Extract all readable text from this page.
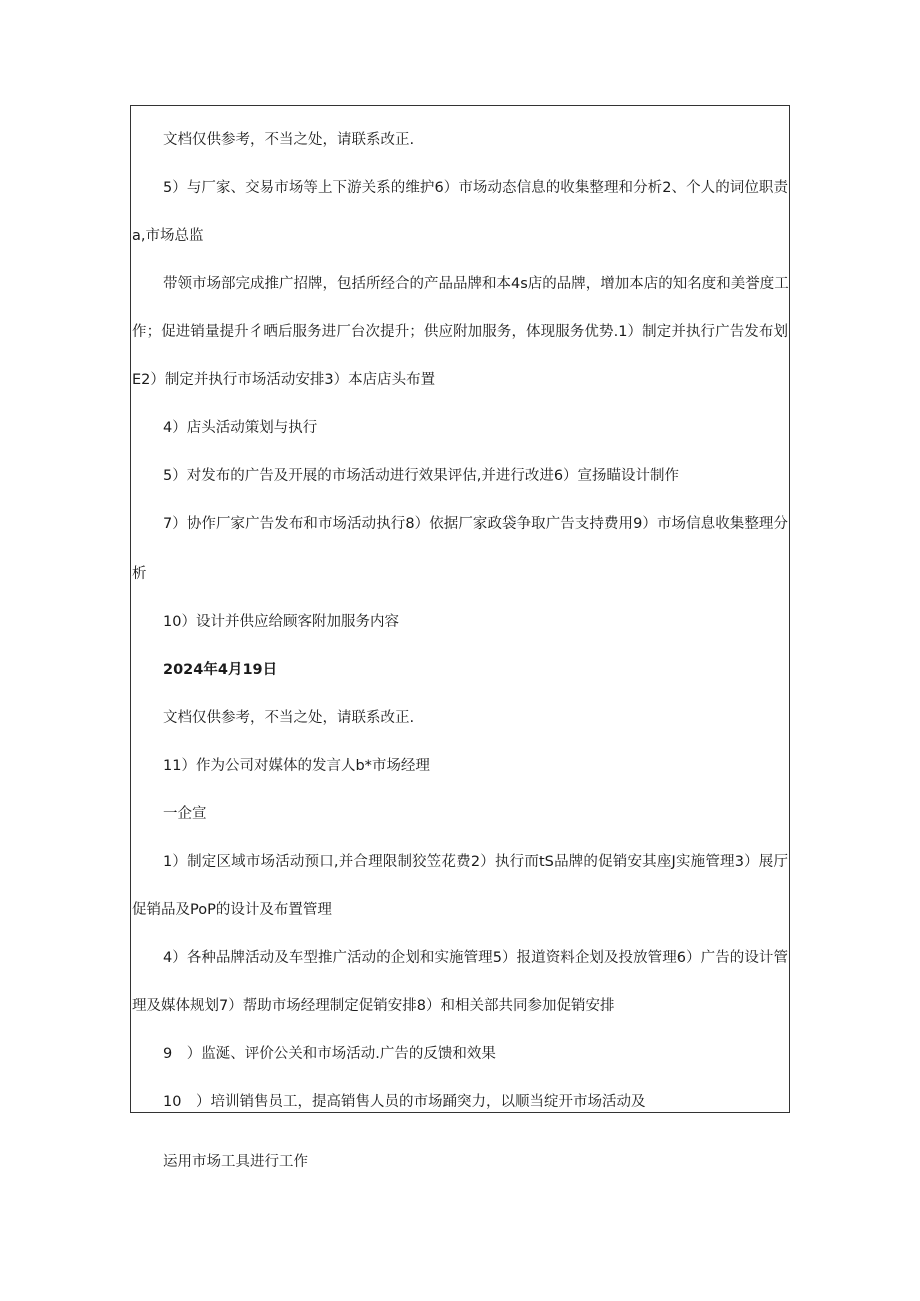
文档仅供参考，不当之处，请联系改正.
5）与厂家、交易市场等上下游关系的维护6）市场动态信息的收集整理和分析2、个人的词位职责
a,市场总监
带领市场部完成推广招牌，包括所经合的产品品牌和本4s店的品牌，增加本店的知名度和美誉度工
作；促进销量提升彳晒后服务进厂台次提升；供应附加服务，体现服务优势.1）制定并执行广告发布划
E2）制定并执行市场活动安排3）本店店头布置
4）店头活动策划与执行
5）对发布的广告及开展的市场活动进行效果评估,并进行改进6）宣扬瞄设计制作
7）协作厂家广告发布和市场活动执行8）依据厂家政袋争取广告支持费用9）市场信息收集整理分
析
10）设计并供应给顾客附加服务内容
2024年4月19日
文档仅供参考，不当之处，请联系改正.
11）作为公司对媒体的发言人b*市场经理
一企宣
1）制定区域市场活动预口,并合理限制狡笠花费2）执行而tS品牌的促销安其座J实施管理3）展厅
促销品及PoP的设计及布置管理
4）各种品牌活动及车型推广活动的企划和实施管理5）报道资料企划及投放管理6）广告的设计管
理及媒体规划7）帮助市场经理制定促销安排8）和相关部共同参加促销安排
9　）监涎、评价公关和市场活动.广告的反馈和效果
10　）培训销售员工，提高销售人员的市场踊突力，以顺当绽开市场活动及
运用市场工具进行工作
